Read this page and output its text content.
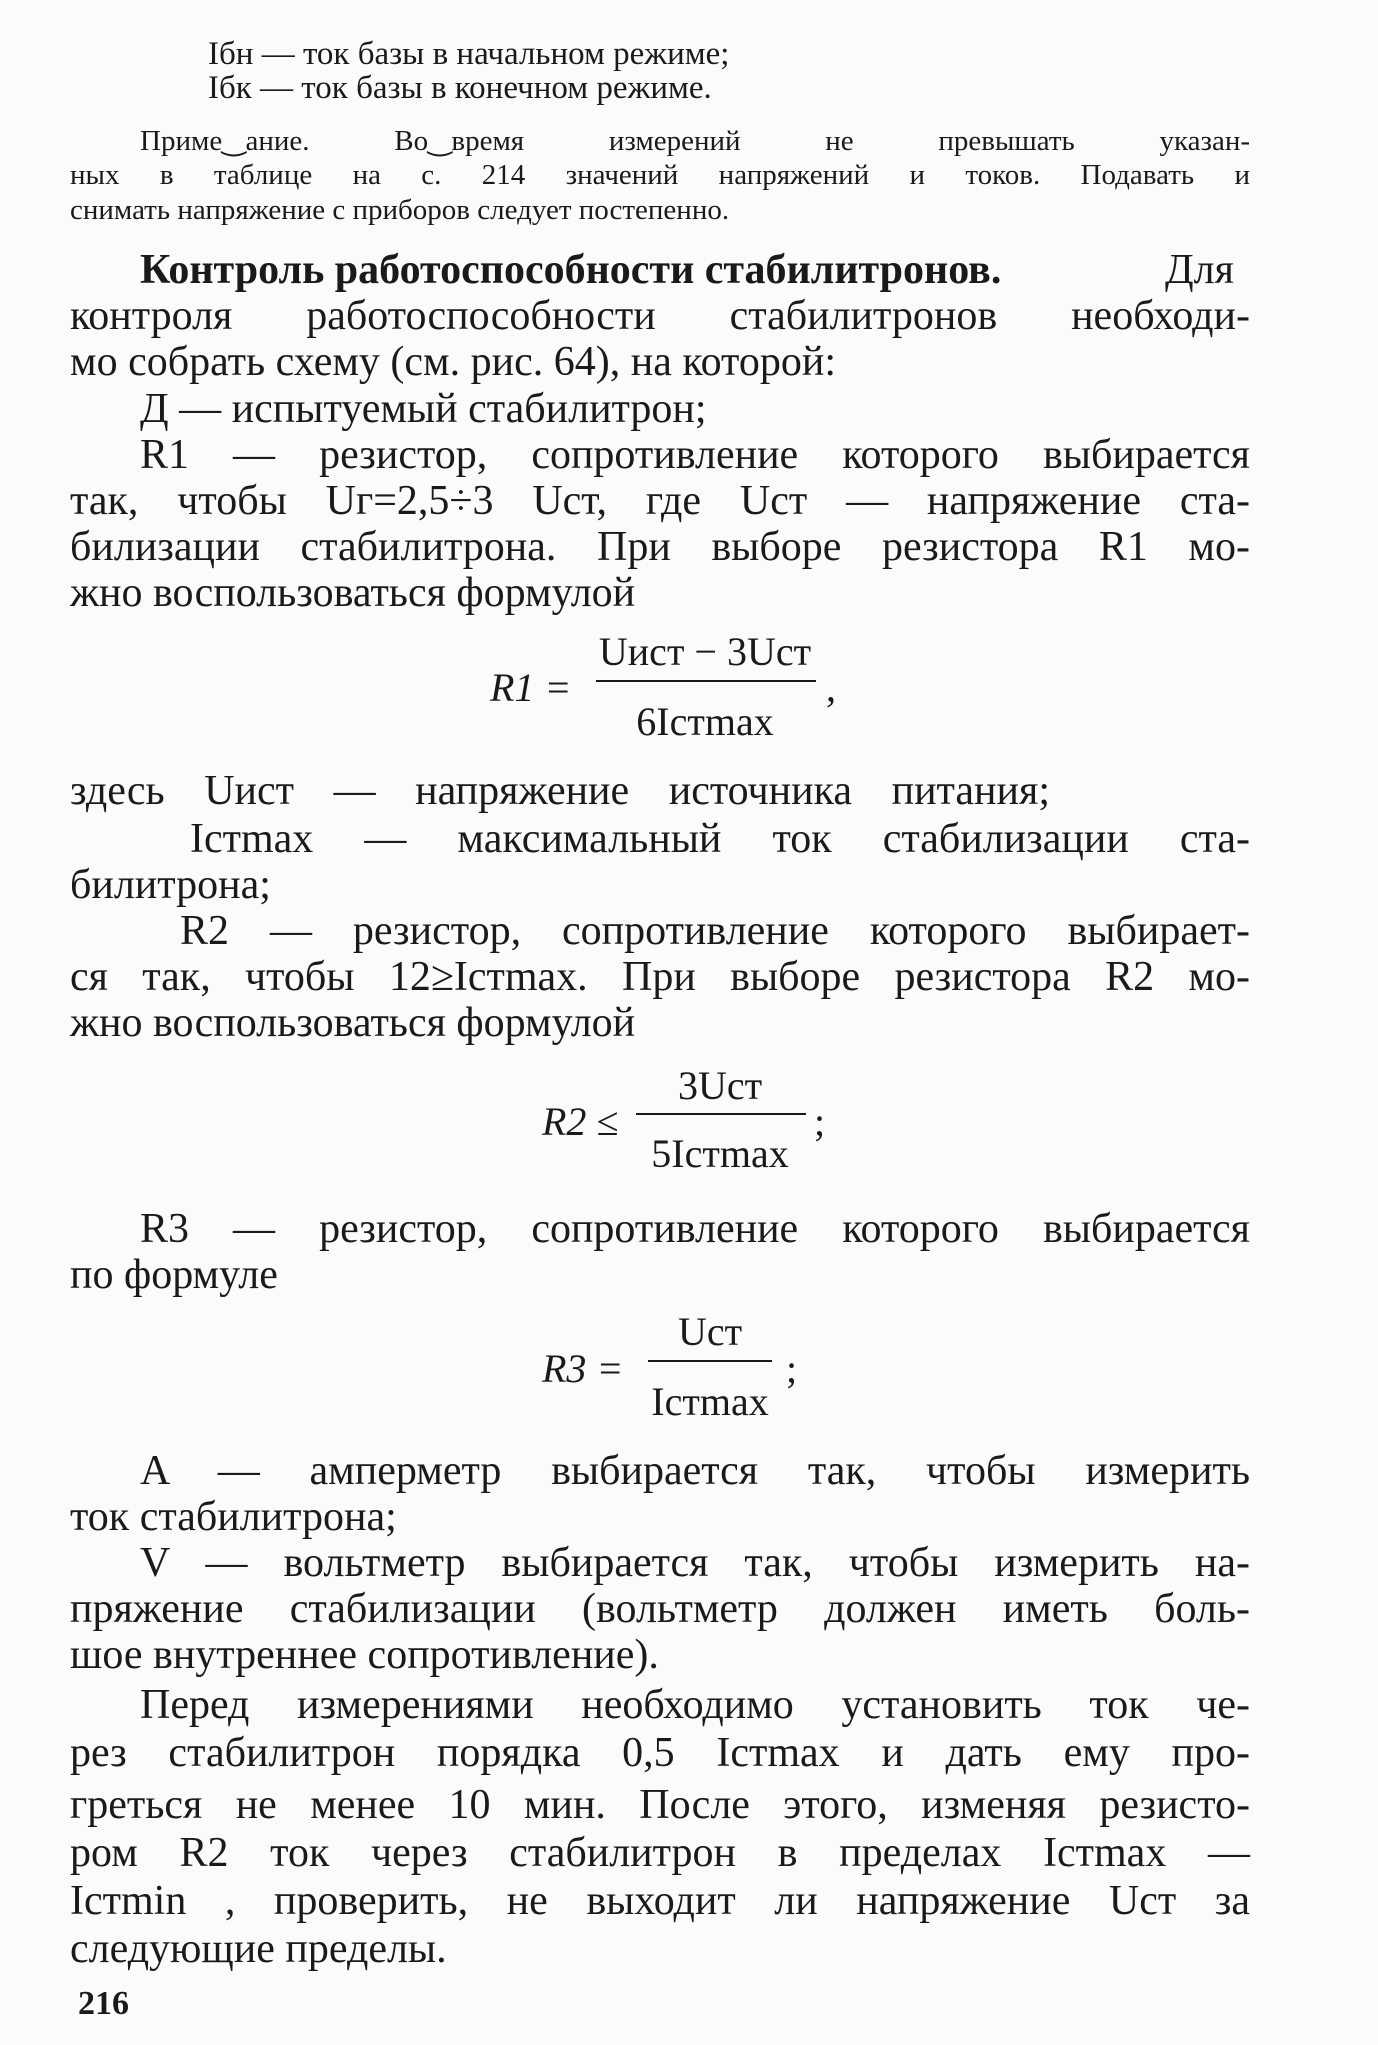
Iбн — ток базы в начальном режиме;
Iбк — ток базы в конечном режиме.
Приме‿ание. Во‿время измерений не превышать указан-
ных в таблице на с. 214 значений напряжений и токов. Подавать и
снимать напряжение с приборов следует постепенно.
Контроль работоспособности стабилитронов.	Для
контроля работоспособности стабилитронов необходи-
мо собрать схему (см. рис. 64), на которой:
Д — испытуемый стабилитрон;
R1 — резистор, сопротивление которого выбирается
так, чтобы Uг=2,5÷3 Uст, где Uст — напряжение ста-
билизации стабилитрона. При выборе резистора R1 мо-
жно воспользоваться формулой
R1 =
Uист − 3Uст
6Iстmax
,
здесь Uист — напряжение источника питания;
Iстmax — максимальный ток стабилизации ста-
билитрона;
R2 — резистор, сопротивление которого выбирает-
ся так, чтобы 12≥Iстmax. При выборе резистора R2 мо-
жно воспользоваться формулой
R2 ≤
3Uст
5Iстmax
;
R3 — резистор, сопротивление которого выбирается
по формуле
R3 =
Uст
Iстmax
;
A — амперметр выбирается так, чтобы измерить
ток стабилитрона;
V — вольтметр выбирается так, чтобы измерить на-
пряжение стабилизации (вольтметр должен иметь боль-
шое внутреннее сопротивление).
Перед измерениями необходимо установить ток че-
рез стабилитрон порядка 0,5 Iстmax и дать ему про-
греться не менее 10 мин. После этого, изменяя резисто-
ром R2 ток через стабилитрон в пределах Iстmax —
Iстmin , проверить, не выходит ли напряжение Uст за
следующие пределы.
216
